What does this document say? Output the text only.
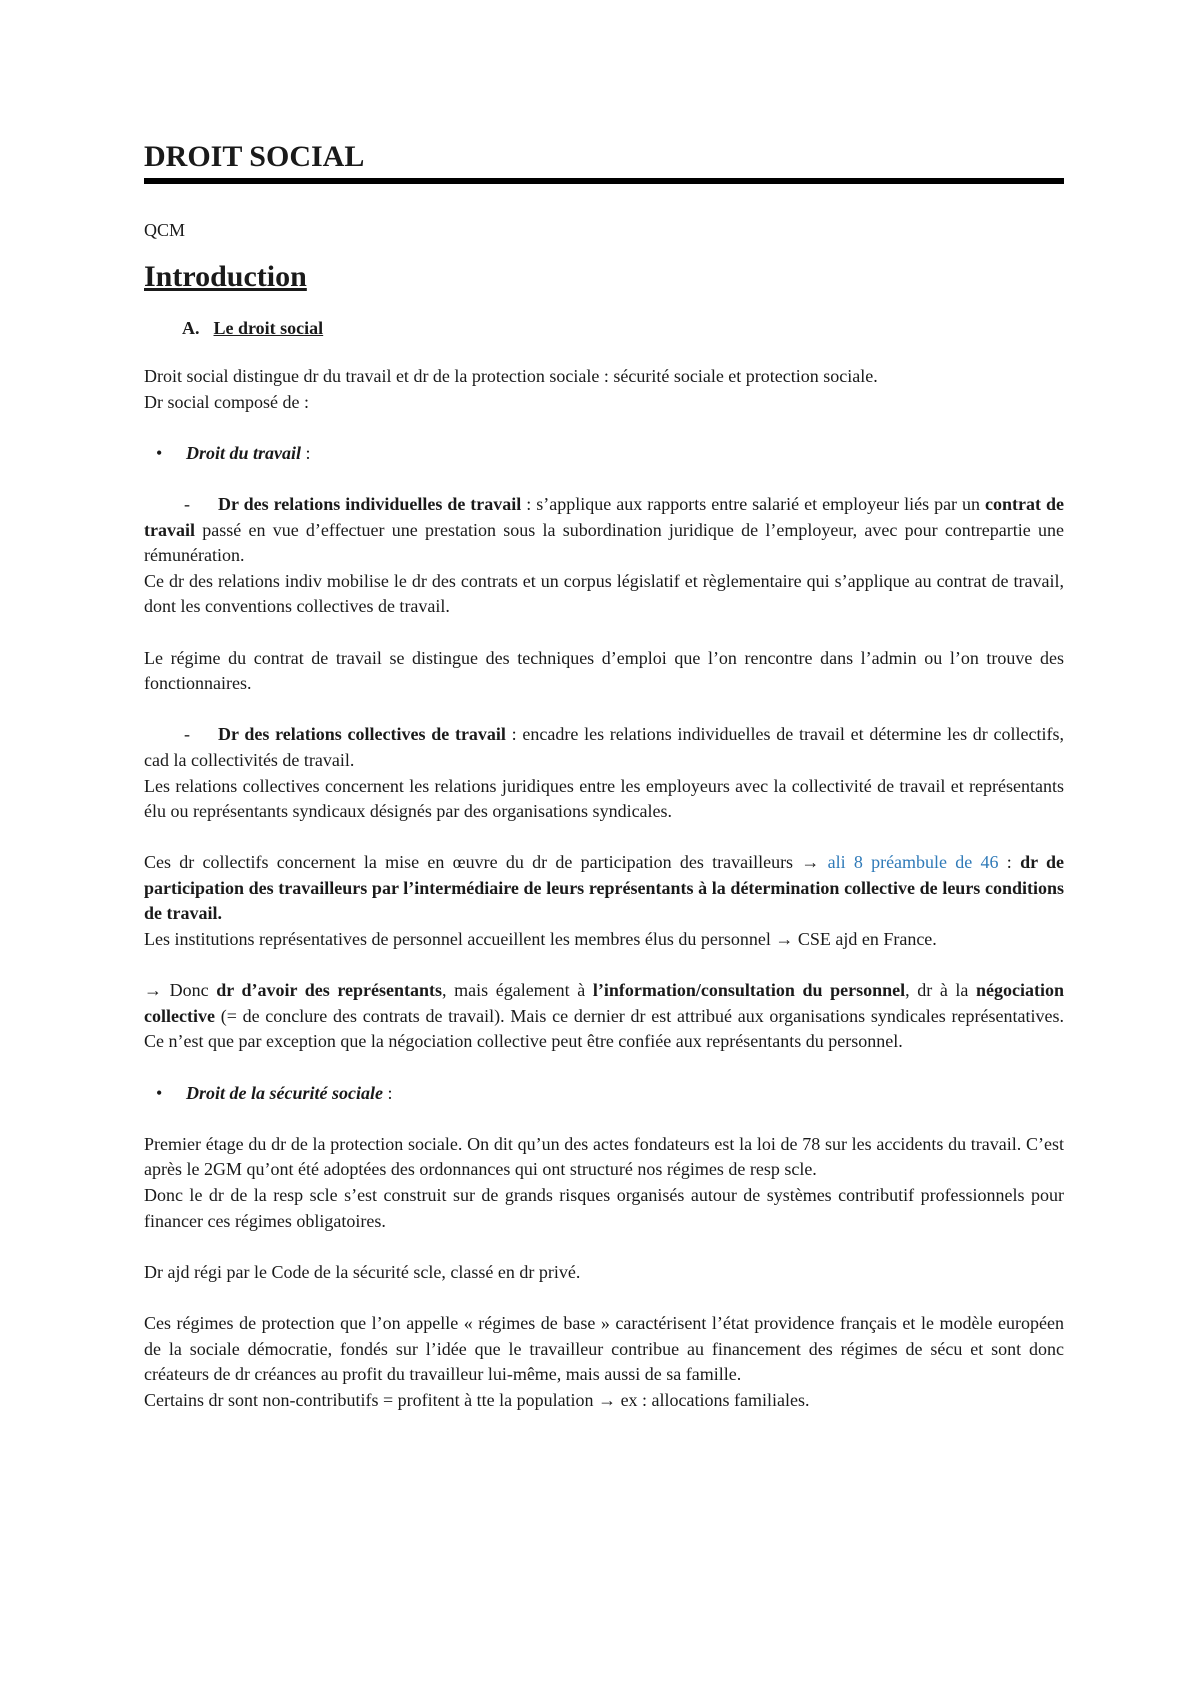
DROIT SOCIAL
QCM
Introduction
A. Le droit social

Droit social distingue dr du travail et dr de la protection sociale : sécurité sociale et protection sociale.

Dr social composé de :

•	Droit du travail :

- Dr des relations individuelles de travail : s’applique aux rapports entre salarié et employeur liés par un contrat de travail passé en vue d’effectuer une prestation sous la subordination juridique de l’employeur, avec pour contrepartie une rémunération.

Ce dr des relations indiv mobilise le dr des contrats et un corpus législatif et règlementaire qui s’applique au contrat de travail, dont les conventions collectives de travail.

Le régime du contrat de travail se distingue des techniques d’emploi que l’on rencontre dans l’admin ou l’on trouve des fonctionnaires.

- Dr des relations collectives de travail : encadre les relations individuelles de travail et détermine les dr collectifs, cad la collectivités de travail.

Les relations collectives concernent les relations juridiques entre les employeurs avec la collectivité de travail et représentants élu ou représentants syndicaux désignés par des organisations syndicales.

Ces dr collectifs concernent la mise en œuvre du dr de participation des travailleurs → ali 8 préambule de 46 : dr de participation des travailleurs par l’intermédiaire de leurs représentants à la détermination collective de leurs conditions de travail.

Les institutions représentatives de personnel accueillent les membres élus du personnel → CSE ajd en France.

→ Donc dr d’avoir des représentants, mais également à l’information/consultation du personnel, dr à la négociation collective (= de conclure des contrats de travail). Mais ce dernier dr est attribué aux organisations syndicales représentatives. Ce n’est que par exception que la négociation collective peut être confiée aux représentants du personnel.

•	Droit de la sécurité sociale :

Premier étage du dr de la protection sociale. On dit qu’un des actes fondateurs est la loi de 78 sur les accidents du travail. C’est après le 2GM qu’ont été adoptées des ordonnances qui ont structuré nos régimes de resp scle.

Donc le dr de la resp scle s’est construit sur de grands risques organisés autour de systèmes contributif professionnels pour financer ces régimes obligatoires.

Dr ajd régi par le Code de la sécurité scle, classé en dr privé.

Ces régimes de protection que l’on appelle « régimes de base » caractérisent l’état providence français et le modèle européen de la sociale démocratie, fondés sur l’idée que le travailleur contribue au financement des régimes de sécu et sont donc créateurs de dr créances au profit du travailleur lui-même, mais aussi de sa famille.

Certains dr sont non-contributifs = profitent à tte la population → ex : allocations familiales.
